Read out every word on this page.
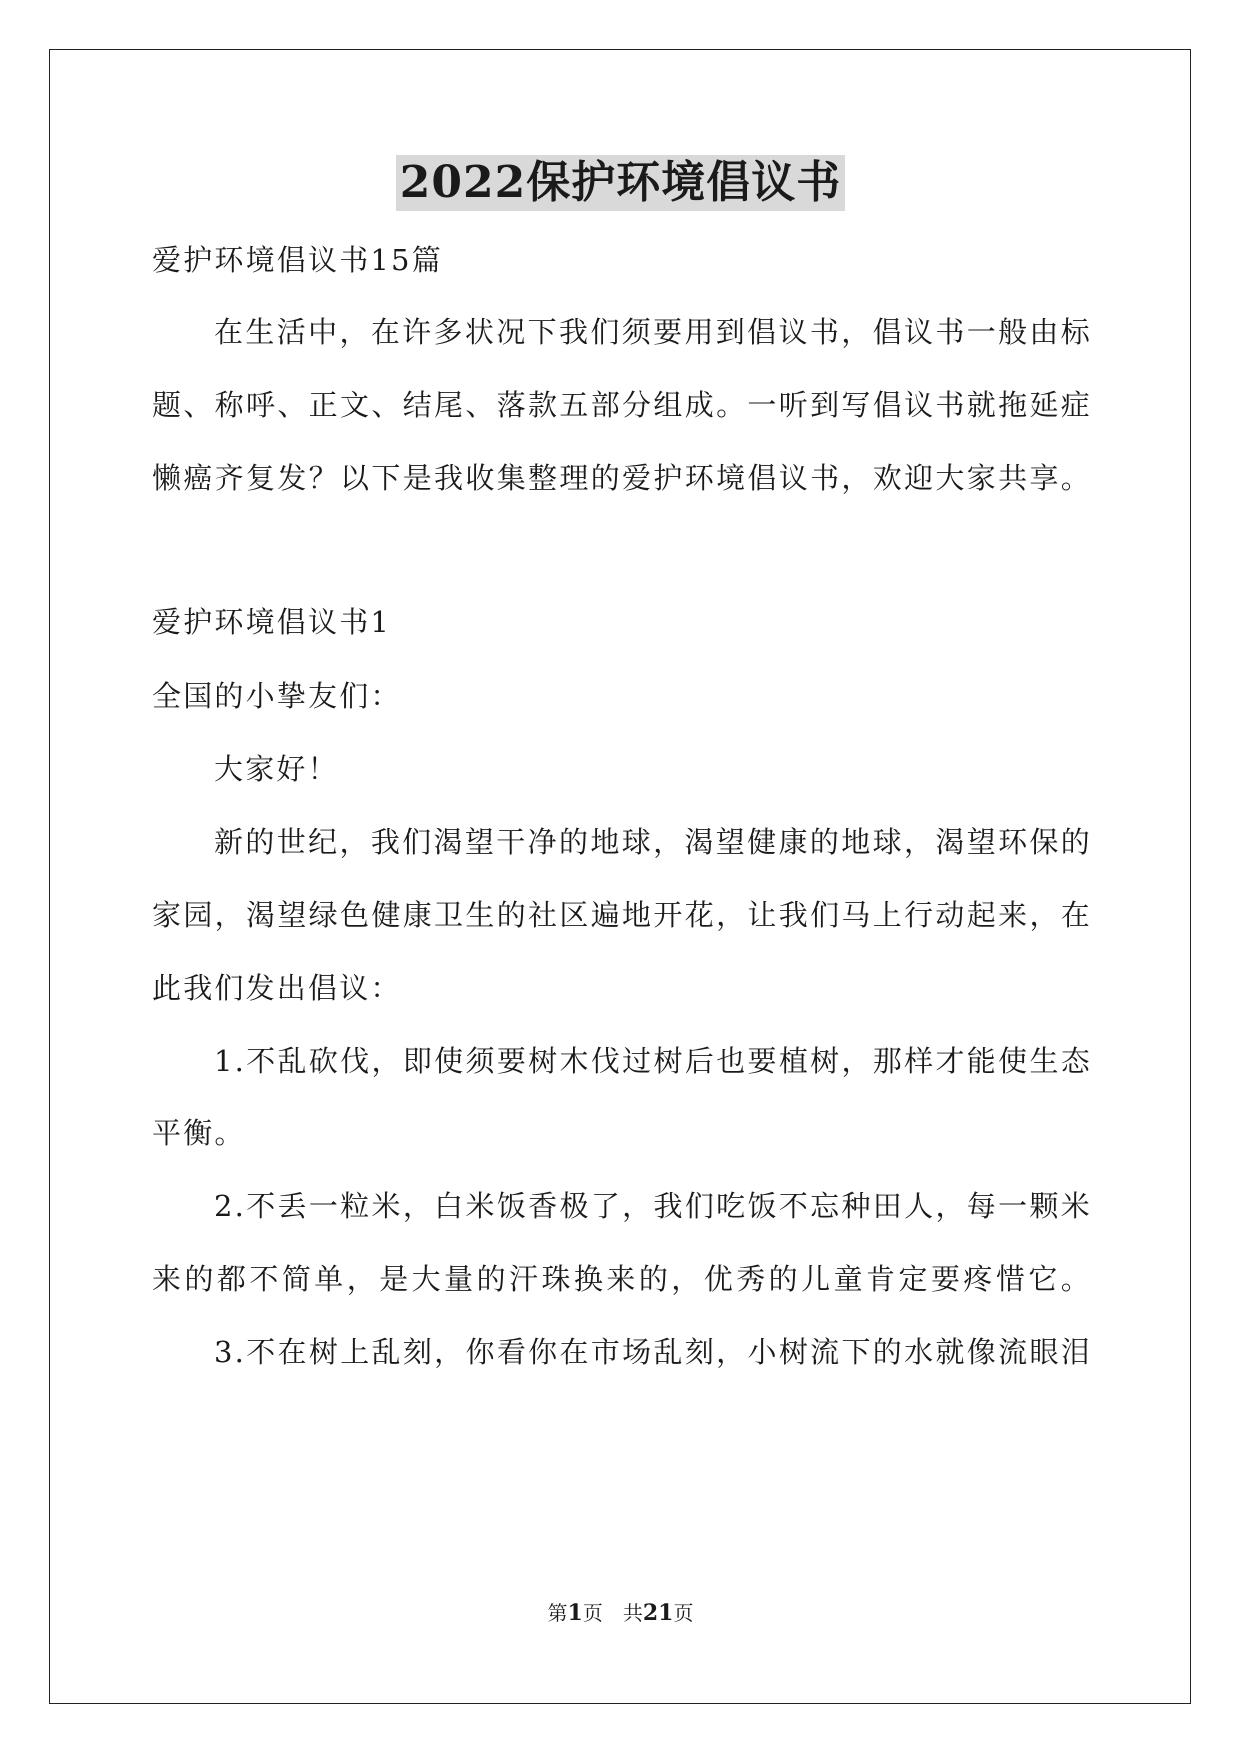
2022保护环境倡议书
爱护环境倡议书15篇
在生活中，在许多状况下我们须要用到倡议书，倡议书一般由标
题、称呼、正文、结尾、落款五部分组成。一听到写倡议书就拖延症
懒癌齐复发？以下是我收集整理的爱护环境倡议书，欢迎大家共享。
爱护环境倡议书1
全国的小挚友们：
大家好！
新的世纪，我们渴望干净的地球，渴望健康的地球，渴望环保的
家园，渴望绿色健康卫生的社区遍地开花，让我们马上行动起来，在
此我们发出倡议：
1.不乱砍伐，即使须要树木伐过树后也要植树，那样才能使生态
平衡。
2.不丢一粒米，白米饭香极了，我们吃饭不忘种田人，每一颗米
来的都不简单，是大量的汗珠换来的，优秀的儿童肯定要疼惜它。
3.不在树上乱刻，你看你在市场乱刻，小树流下的水就像流眼泪
第1页　共21页
